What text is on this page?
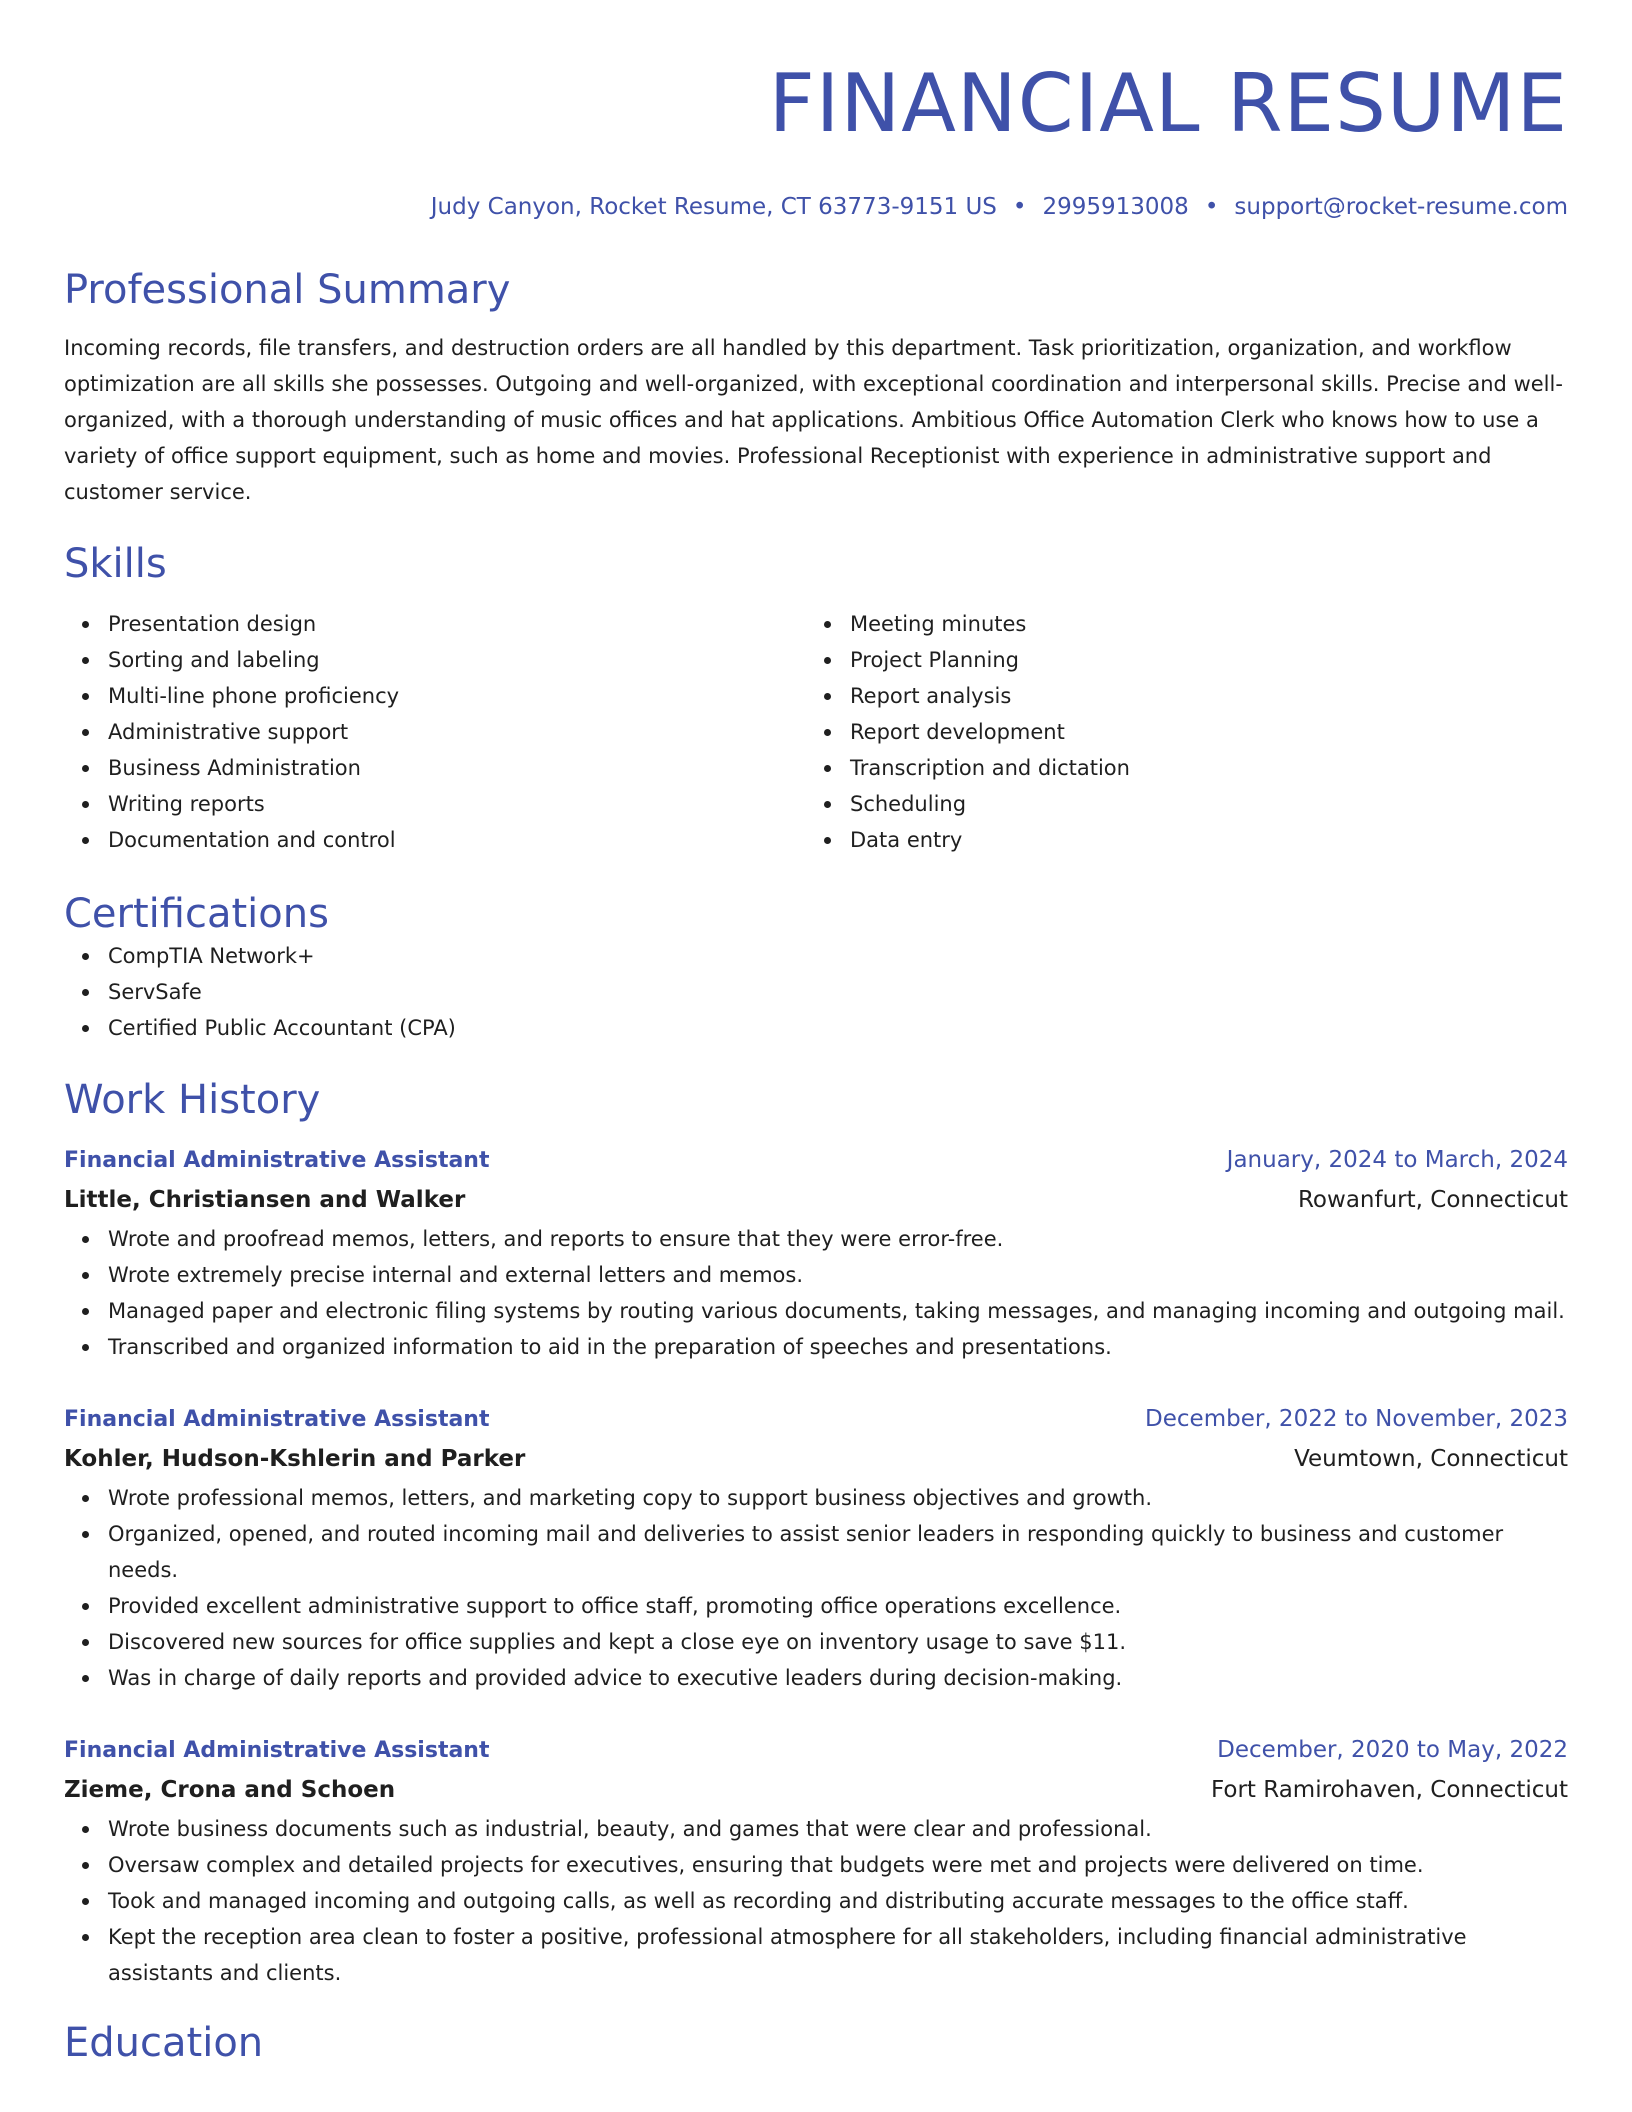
FINANCIAL RESUME
Judy Canyon, Rocket Resume, CT 63773-9151 US • 2995913008 • support@rocket-resume.com
Professional Summary
Incoming records, file transfers, and destruction orders are all handled by this department. Task prioritization, organization, and workflow optimization are all skills she possesses. Outgoing and well-organized, with exceptional coordination and interpersonal skills. Precise and well-organized, with a thorough understanding of music offices and hat applications. Ambitious Office Automation Clerk who knows how to use a variety of office support equipment, such as home and movies. Professional Receptionist with experience in administrative support and customer service.
Skills
Presentation design
Sorting and labeling
Multi-line phone proficiency
Administrative support
Business Administration
Writing reports
Documentation and control
Meeting minutes
Project Planning
Report analysis
Report development
Transcription and dictation
Scheduling
Data entry
Certifications
CompTIA Network+
ServSafe
Certified Public Accountant (CPA)
Work History
Financial Administrative Assistant	January, 2024 to March, 2024
Little, Christiansen and Walker	Rowanfurt, Connecticut
Wrote and proofread memos, letters, and reports to ensure that they were error-free.
Wrote extremely precise internal and external letters and memos.
Managed paper and electronic filing systems by routing various documents, taking messages, and managing incoming and outgoing mail.
Transcribed and organized information to aid in the preparation of speeches and presentations.
Financial Administrative Assistant	December, 2022 to November, 2023
Kohler, Hudson-Kshlerin and Parker	Veumtown, Connecticut
Wrote professional memos, letters, and marketing copy to support business objectives and growth.
Organized, opened, and routed incoming mail and deliveries to assist senior leaders in responding quickly to business and customer needs.
Provided excellent administrative support to office staff, promoting office operations excellence.
Discovered new sources for office supplies and kept a close eye on inventory usage to save $11.
Was in charge of daily reports and provided advice to executive leaders during decision-making.
Financial Administrative Assistant	December, 2020 to May, 2022
Zieme, Crona and Schoen	Fort Ramirohaven, Connecticut
Wrote business documents such as industrial, beauty, and games that were clear and professional.
Oversaw complex and detailed projects for executives, ensuring that budgets were met and projects were delivered on time.
Took and managed incoming and outgoing calls, as well as recording and distributing accurate messages to the office staff.
Kept the reception area clean to foster a positive, professional atmosphere for all stakeholders, including financial administrative assistants and clients.
Education
